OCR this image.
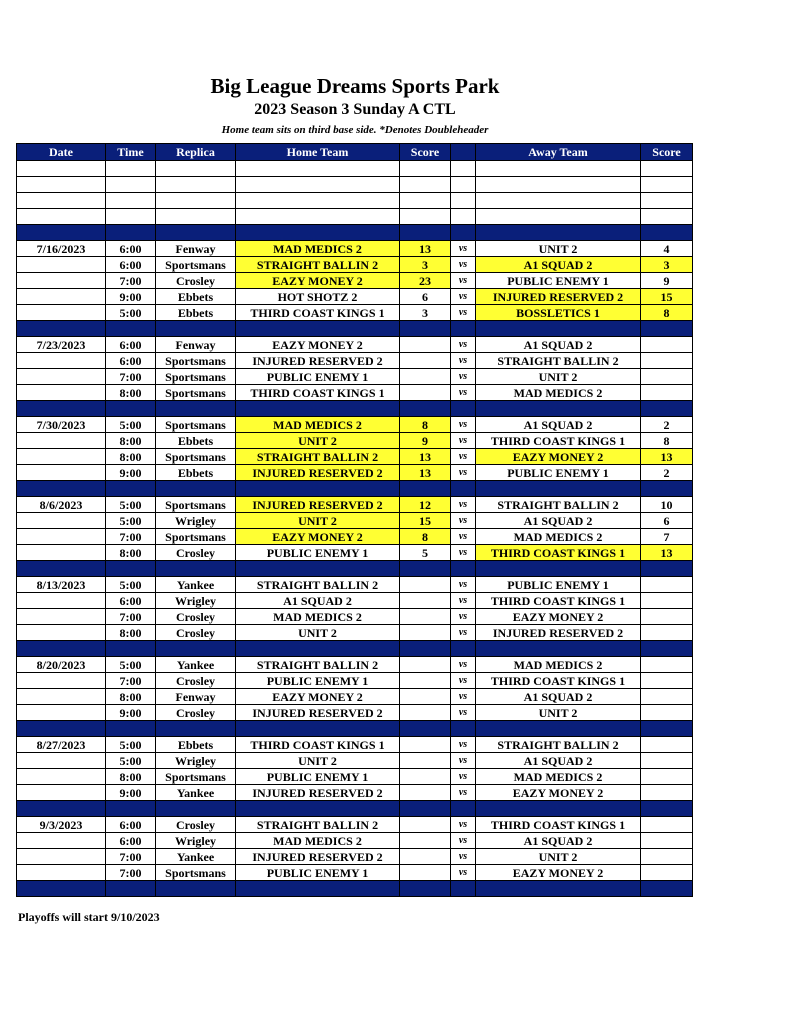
Big League Dreams Sports Park
2023 Season 3 Sunday A CTL
Home team sits on third base side. *Denotes Doubleheader
Date	Time	Replica	Home Team	Score		Away Team	Score

7/16/2023	6:00	Fenway	MAD MEDICS 2	13	vs	UNIT 2	4
	6:00	Sportsmans	STRAIGHT BALLIN 2	3	vs	A1 SQUAD 2	3
	7:00	Crosley	EAZY MONEY 2	23	vs	PUBLIC ENEMY 1	9
	9:00	Ebbets	HOT SHOTZ 2	6	vs	INJURED RESERVED 2	15
	5:00	Ebbets	THIRD COAST KINGS 1	3	vs	BOSSLETICS 1	8

7/23/2023	6:00	Fenway	EAZY MONEY 2		vs	A1 SQUAD 2	
	6:00	Sportsmans	INJURED RESERVED 2		vs	STRAIGHT BALLIN 2	
	7:00	Sportsmans	PUBLIC ENEMY 1		vs	UNIT 2	
	8:00	Sportsmans	THIRD COAST KINGS 1		vs	MAD MEDICS 2	

7/30/2023	5:00	Sportsmans	MAD MEDICS 2	8	vs	A1 SQUAD 2	2
	8:00	Ebbets	UNIT 2	9	vs	THIRD COAST KINGS 1	8
	8:00	Sportsmans	STRAIGHT BALLIN 2	13	vs	EAZY MONEY 2	13
	9:00	Ebbets	INJURED RESERVED 2	13	vs	PUBLIC ENEMY 1	2

8/6/2023	5:00	Sportsmans	INJURED RESERVED 2	12	vs	STRAIGHT BALLIN 2	10
	5:00	Wrigley	UNIT 2	15	vs	A1 SQUAD 2	6
	7:00	Sportsmans	EAZY MONEY 2	8	vs	MAD MEDICS 2	7
	8:00	Crosley	PUBLIC ENEMY 1	5	vs	THIRD COAST KINGS 1	13

8/13/2023	5:00	Yankee	STRAIGHT BALLIN 2		vs	PUBLIC ENEMY 1	
	6:00	Wrigley	A1 SQUAD 2		vs	THIRD COAST KINGS 1	
	7:00	Crosley	MAD MEDICS 2		vs	EAZY MONEY 2	
	8:00	Crosley	UNIT 2		vs	INJURED RESERVED 2	

8/20/2023	5:00	Yankee	STRAIGHT BALLIN 2		vs	MAD MEDICS 2	
	7:00	Crosley	PUBLIC ENEMY 1		vs	THIRD COAST KINGS 1	
	8:00	Fenway	EAZY MONEY 2		vs	A1 SQUAD 2	
	9:00	Crosley	INJURED RESERVED 2		vs	UNIT 2	

8/27/2023	5:00	Ebbets	THIRD COAST KINGS 1		vs	STRAIGHT BALLIN 2	
	5:00	Wrigley	UNIT 2		vs	A1 SQUAD 2	
	8:00	Sportsmans	PUBLIC ENEMY 1		vs	MAD MEDICS 2	
	9:00	Yankee	INJURED RESERVED 2		vs	EAZY MONEY 2	

9/3/2023	6:00	Crosley	STRAIGHT BALLIN 2		vs	THIRD COAST KINGS 1	
	6:00	Wrigley	MAD MEDICS 2		vs	A1 SQUAD 2	
	7:00	Yankee	INJURED RESERVED 2		vs	UNIT 2	
	7:00	Sportsmans	PUBLIC ENEMY 1		vs	EAZY MONEY 2	

Playoffs will start 9/10/2023
